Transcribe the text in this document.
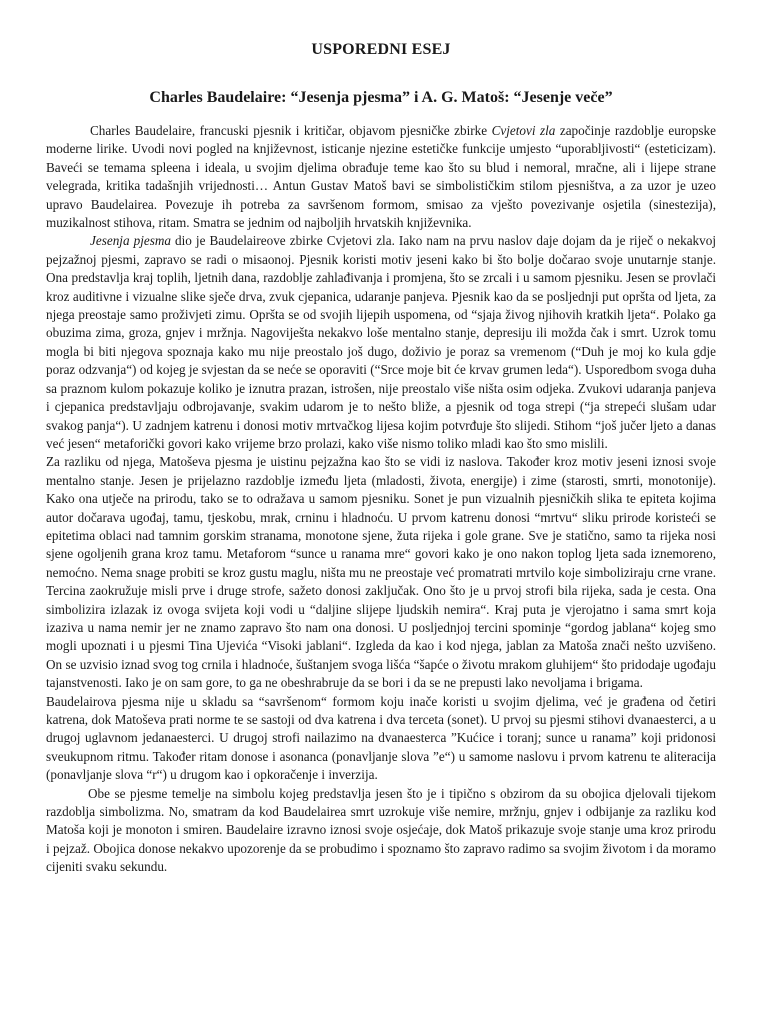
USPOREDNI ESEJ
Charles Baudelaire: “Jesenja pjesma” i A. G. Matoš: “Jesenje veče”

Charles Baudelaire, francuski pjesnik i kritičar, objavom pjesničke zbirke Cvjetovi zla započinje razdoblje europske moderne lirike. Uvodi novi pogled na književnost, isticanje njezine estetičke funkcije umjesto “uporabljivosti“ (esteticizam). Baveći se temama spleena i ideala, u svojim djelima obrađuje teme kao što su blud i nemoral, mračne, ali i lijepe strane velegrada, kritika tadašnjih vrijednosti… Antun Gustav Matoš bavi se simbolističkim stilom pjesništva, a za uzor je uzeo upravo Baudelairea. Povezuje ih potreba za savršenom formom, smisao za vješto povezivanje osjetila (sinestezija), muzikalnost stihova, ritam. Smatra se jednim od najboljih hrvatskih književnika.

Jesenja pjesma dio je Baudelaireove zbirke Cvjetovi zla. Iako nam na prvu naslov daje dojam da je riječ o nekakvoj pejzažnoj pjesmi, zapravo se radi o misaonoj. Pjesnik koristi motiv jeseni kako bi što bolje dočarao svoje unutarnje stanje. Ona predstavlja kraj toplih, ljetnih dana, razdoblje zahlađivanja i promjena, što se zrcali i u samom pjesniku. Jesen se provlači kroz auditivne i vizualne slike sječe drva, zvuk cjepanica, udaranje panjeva. Pjesnik kao da se posljednji put opršta od ljeta, za njega preostaje samo proživjeti zimu. Opršta se od svojih lijepih uspomena, od “sjaja živog njihovih kratkih ljeta“. Polako ga obuzima zima, groza, gnjev i mržnja. Nagoviješta nekakvo loše mentalno stanje, depresiju ili možda čak i smrt. Uzrok tomu mogla bi biti njegova spoznaja kako mu nije preostalo još dugo, doživio je poraz sa vremenom (“Duh je moj ko kula gdje poraz odzvanja“) od kojeg je svjestan da se neće se oporaviti (“Srce moje bit će krvav grumen leda“). Usporedbom svoga duha sa praznom kulom pokazuje koliko je iznutra prazan, istrošen, nije preostalo više ništa osim odjeka. Zvukovi udaranja panjeva i cjepanica predstavljaju odbrojavanje, svakim udarom je to nešto bliže, a pjesnik od toga strepi (“ja strepeći slušam udar svakog panja“). U zadnjem katrenu i donosi motiv mrtvačkog lijesa kojim potvrđuje što slijedi. Stihom “još jučer ljeto a danas već jesen“ metaforički govori kako vrijeme brzo prolazi, kako više nismo toliko mladi kao što smo mislili.

Za razliku od njega, Matoševa pjesma je uistinu pejzažna kao što se vidi iz naslova. Također kroz motiv jeseni iznosi svoje mentalno stanje. Jesen je prijelazno razdoblje između ljeta (mladosti, života, energije) i zime (starosti, smrti, monotonije). Kako ona utječe na prirodu, tako se to odražava u samom pjesniku. Sonet je pun vizualnih pjesničkih slika te epiteta kojima autor dočarava ugođaj, tamu, tjeskobu, mrak, crninu i hladnoću. U prvom katrenu donosi “mrtvu“ sliku prirode koristeći se epitetima oblaci nad tamnim gorskim stranama, monotone sjene, žuta rijeka i gole grane. Sve je statično, samo ta rijeka nosi sjene ogoljenih grana kroz tamu. Metaforom “sunce u ranama mre“ govori kako je ono nakon toplog ljeta sada iznemoreno, nemoćno. Nema snage probiti se kroz gustu maglu, ništa mu ne preostaje već promatrati mrtvilo koje simboliziraju crne vrane. Tercina zaokružuje misli prve i druge strofe, sažeto donosi zaključak. Ono što je u prvoj strofi bila rijeka, sada je cesta. Ona simbolizira izlazak iz ovoga svijeta koji vodi u “daljine slijepe ljudskih nemira“. Kraj puta je vjerojatno i sama smrt koja izaziva u nama nemir jer ne znamo zapravo što nam ona donosi. U posljednjoj tercini spominje “gordog jablana“ kojeg smo mogli upoznati i u pjesmi Tina Ujevića “Visoki jablani“. Izgleda da kao i kod njega, jablan za Matoša znači nešto uzvišeno. On se uzvisio iznad svog tog crnila i hladnoće, šuštanjem svoga lišća “šapće o životu mrakom gluhijem“ što pridodaje ugođaju tajanstvenosti. Iako je on sam gore, to ga ne obeshrabruje da se bori i da se ne prepusti lako nevoljama i brigama.

Baudelairova pjesma nije u skladu sa “savršenom“ formom koju inače koristi u svojim djelima, već je građena od četiri katrena, dok Matoševa prati norme te se sastoji od dva katrena i dva terceta (sonet). U prvoj su pjesmi stihovi dvanaesterci, a u drugoj uglavnom jedanaesterci. U drugoj strofi nailazimo na dvanaesterca ”Kućice i toranj; sunce u ranama” koji pridonosi sveukupnom ritmu. Također ritam donose i asonanca (ponavljanje slova ”e“) u samome naslovu i prvom katrenu te aliteracija (ponavljanje slova “r“) u drugom kao i opkoračenje i inverzija.

Obe se pjesme temelje na simbolu kojeg predstavlja jesen što je i tipično s obzirom da su obojica djelovali tijekom razdoblja simbolizma. No, smatram da kod Baudelairea smrt uzrokuje više nemire, mržnju, gnjev i odbijanje za razliku kod Matoša koji je monoton i smiren. Baudelaire izravno iznosi svoje osjećaje, dok Matoš prikazuje svoje stanje uma kroz prirodu i pejzaž. Obojica donose nekakvo upozorenje da se probudimo i spoznamo što zapravo radimo sa svojim životom i da moramo cijeniti svaku sekundu.
